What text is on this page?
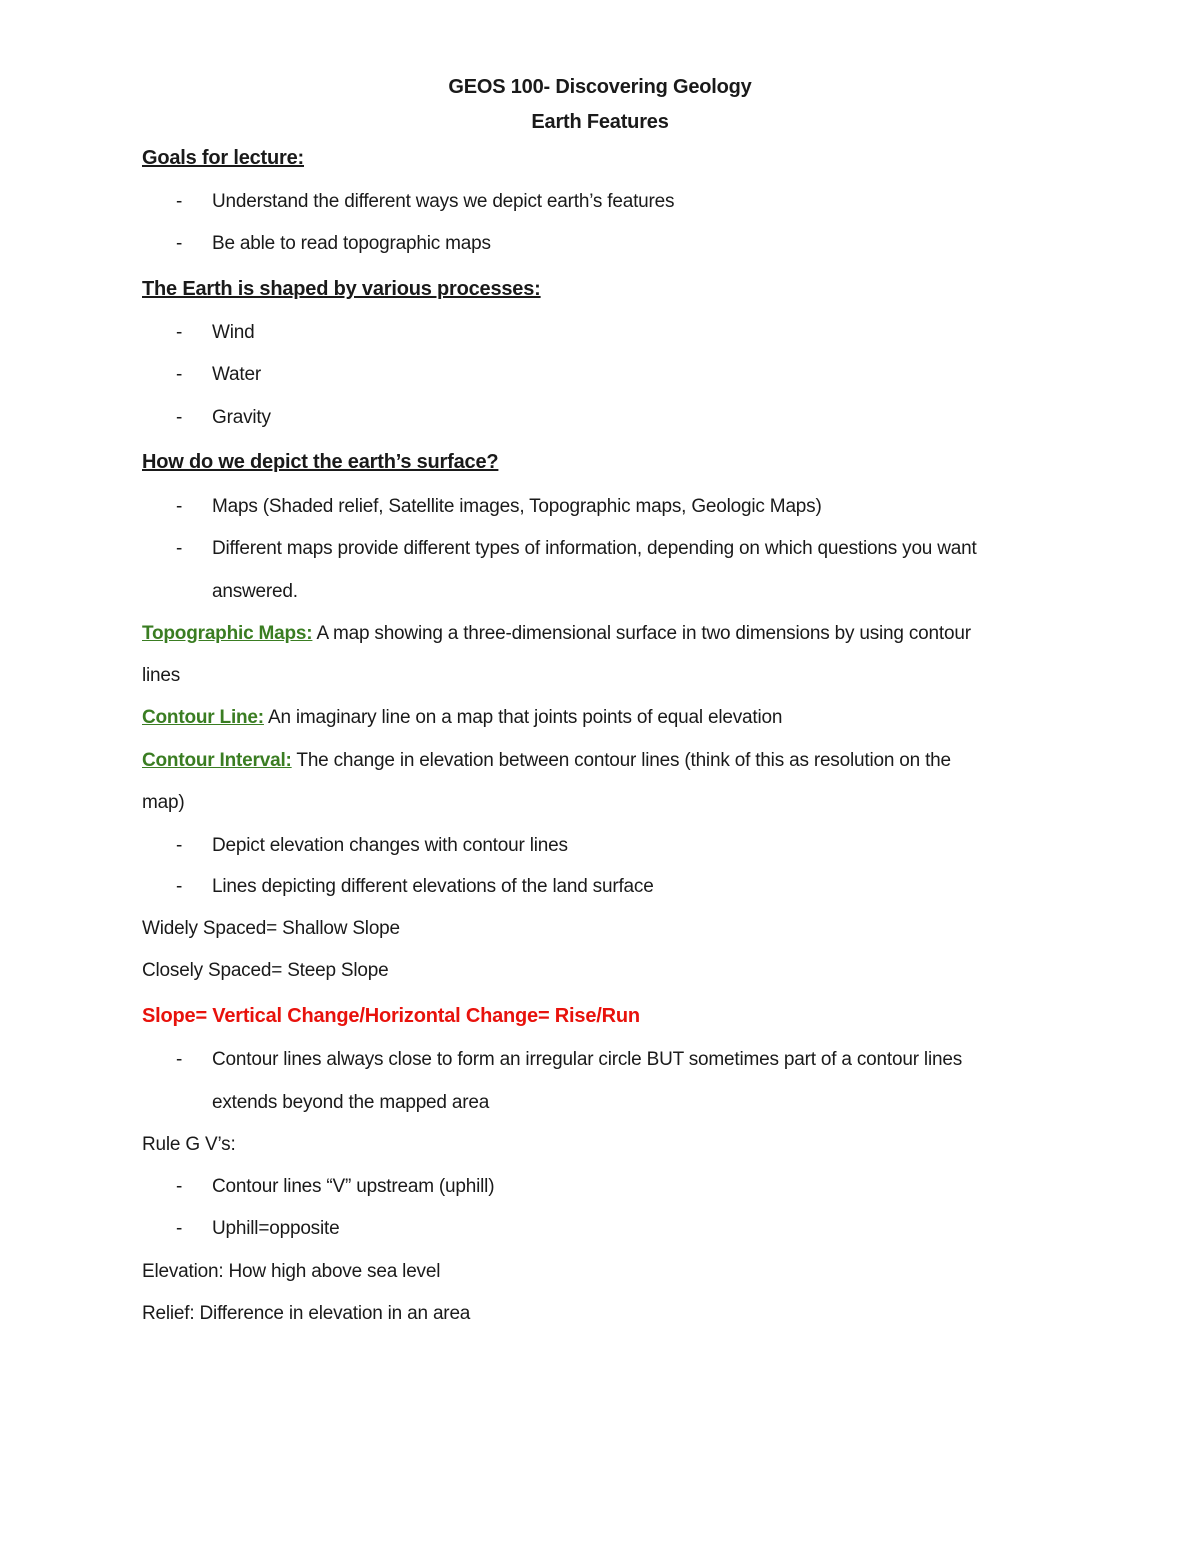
GEOS 100- Discovering Geology
Earth Features
Goals for lecture:
- Understand the different ways we depict earth’s features
- Be able to read topographic maps
The Earth is shaped by various processes:
- Wind
- Water
- Gravity
How do we depict the earth’s surface?
- Maps (Shaded relief, Satellite images, Topographic maps, Geologic Maps)
- Different maps provide different types of information, depending on which questions you want
answered.
Topographic Maps: A map showing a three-dimensional surface in two dimensions by using contour
lines
Contour Line: An imaginary line on a map that joints points of equal elevation
Contour Interval: The change in elevation between contour lines (think of this as resolution on the
map)
- Depict elevation changes with contour lines
- Lines depicting different elevations of the land surface
Widely Spaced= Shallow Slope
Closely Spaced= Steep Slope
Slope= Vertical Change/Horizontal Change= Rise/Run
- Contour lines always close to form an irregular circle BUT sometimes part of a contour lines
extends beyond the mapped area
Rule G V’s:
- Contour lines “V” upstream (uphill)
- Uphill=opposite
Elevation: How high above sea level
Relief: Difference in elevation in an area
